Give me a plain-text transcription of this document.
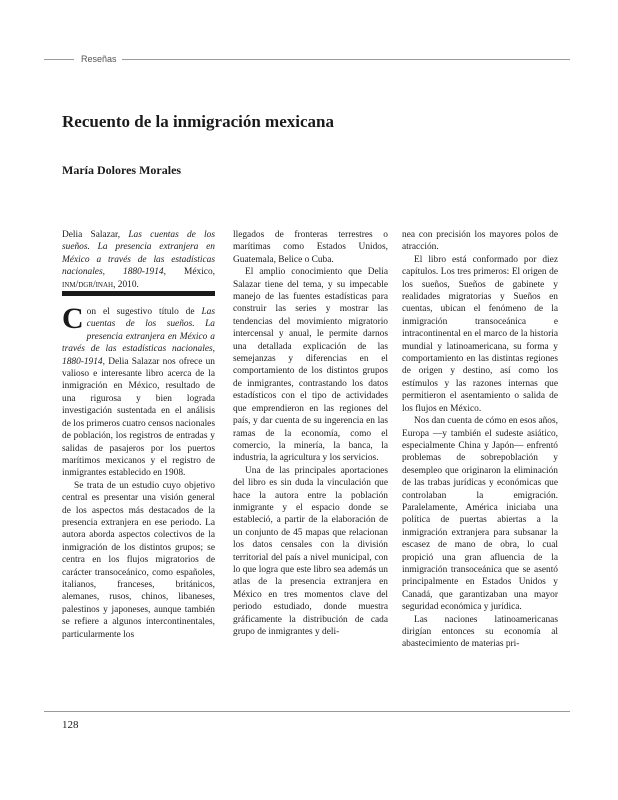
Reseñas
Recuento de la inmigración mexicana
María Dolores Morales

Delia Salazar, Las cuentas de los sueños. La presencia extranjera en México a través de las estadísticas nacionales, 1880-1914, México, inm/dgr/inah, 2010.

Con el sugestivo título de Las cuentas de los sueños. La presencia extranjera en México a través de las estadísticas nacionales, 1880-1914, Delia Salazar nos ofrece un valioso e interesante libro acerca de la inmigración en México, resultado de una rigurosa y bien lograda investigación sustentada en el análisis de los primeros cuatro censos nacionales de población, los registros de entradas y salidas de pasajeros por los puertos marítimos mexicanos y el registro de inmigrantes establecido en 1908.

Se trata de un estudio cuyo objetivo central es presentar una visión general de los aspectos más destacados de la presencia extranjera en ese periodo. La autora aborda aspectos colectivos de la inmigración de los distintos grupos; se centra en los flujos migratorios de carácter transoceánico, como españoles, italianos, franceses, británicos, alemanes, rusos, chinos, libaneses, palestinos y japoneses, aunque también se refiere a algunos intercontinentales, particularmente los

llegados de fronteras terrestres o marítimas como Estados Unidos, Guatemala, Belice o Cuba.

El amplio conocimiento que Delia Salazar tiene del tema, y su impecable manejo de las fuentes estadísticas para construir las series y mostrar las tendencias del movimiento migratorio intercensal y anual, le permite darnos una detallada explicación de las semejanzas y diferencias en el comportamiento de los distintos grupos de inmigrantes, contrastando los datos estadísticos con el tipo de actividades que emprendieron en las regiones del país, y dar cuenta de su ingerencia en las ramas de la economía, como el comercio, la minería, la banca, la industria, la agricultura y los servicios.

Una de las principales aportaciones del libro es sin duda la vinculación que hace la autora entre la población inmigrante y el espacio donde se estableció, a partir de la elaboración de un conjunto de 45 mapas que relacionan los datos censales con la división territorial del país a nivel municipal, con lo que logra que este libro sea además un atlas de la presencia extranjera en México en tres momentos clave del periodo estudiado, donde muestra gráficamente la distribución de cada grupo de inmigrantes y deli-

nea con precisión los mayores polos de atracción.

El libro está conformado por diez capítulos. Los tres primeros: El origen de los sueños, Sueños de gabinete y realidades migratorias y Sueños en cuentas, ubican el fenómeno de la inmigración transoceánica e intracontinental en el marco de la historia mundial y latinoamericana, su forma y comportamiento en las distintas regiones de origen y destino, así como los estímulos y las razones internas que permitieron el asentamiento o salida de los flujos en México.

Nos dan cuenta de cómo en esos años, Europa —y también el sudeste asiático, especialmente China y Japón— enfrentó problemas de sobrepoblación y desempleo que originaron la eliminación de las trabas jurídicas y económicas que controlaban la emigración. Paralelamente, América iniciaba una política de puertas abiertas a la inmigración extranjera para subsanar la escasez de mano de obra, lo cual propició una gran afluencia de la inmigración transoceánica que se asentó principalmente en Estados Unidos y Canadá, que garantizaban una mayor seguridad económica y jurídica.

Las naciones latinoamericanas dirigían entonces su economía al abastecimiento de materias pri-

128
